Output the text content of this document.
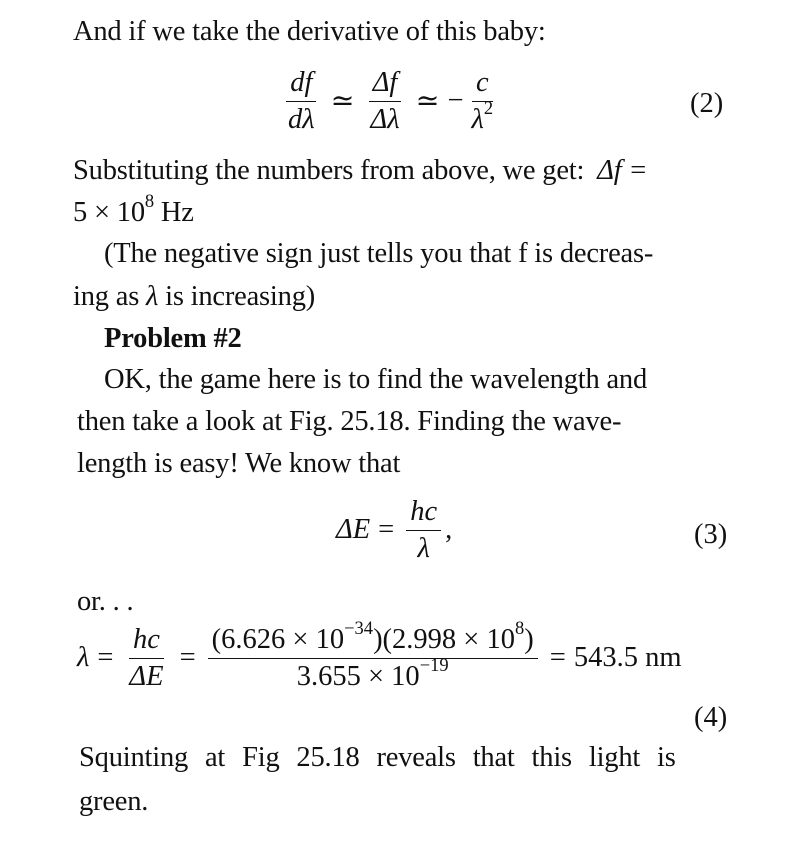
And if we take the derivative of this baby:
$\frac{df}{d\lambda}$ ≃ $\frac{\Delta f}{\Delta\lambda}$ ≃ − $\frac{c}{\lambda^2}$	(2)
Substituting the numbers from above, we get: Δf =
$5 \times 10^8$ Hz
(The negative sign just tells you that f is decreas-
ing as λ is increasing)
Problem #2
OK, the game here is to find the wavelength and
then take a look at Fig. 25.18. Finding the wave-
length is easy! We know that
$\Delta E = \frac{hc}{\lambda}$ ,	(3)
or. . .
$\lambda = \frac{hc}{\Delta E} = \frac{(6.626 \times 10^{-34})(2.998 \times 10^8)}{3.655 \times 10^{-19}} = 543.5$ nm
(4)
Squinting at Fig 25.18 reveals that this light is
green.
